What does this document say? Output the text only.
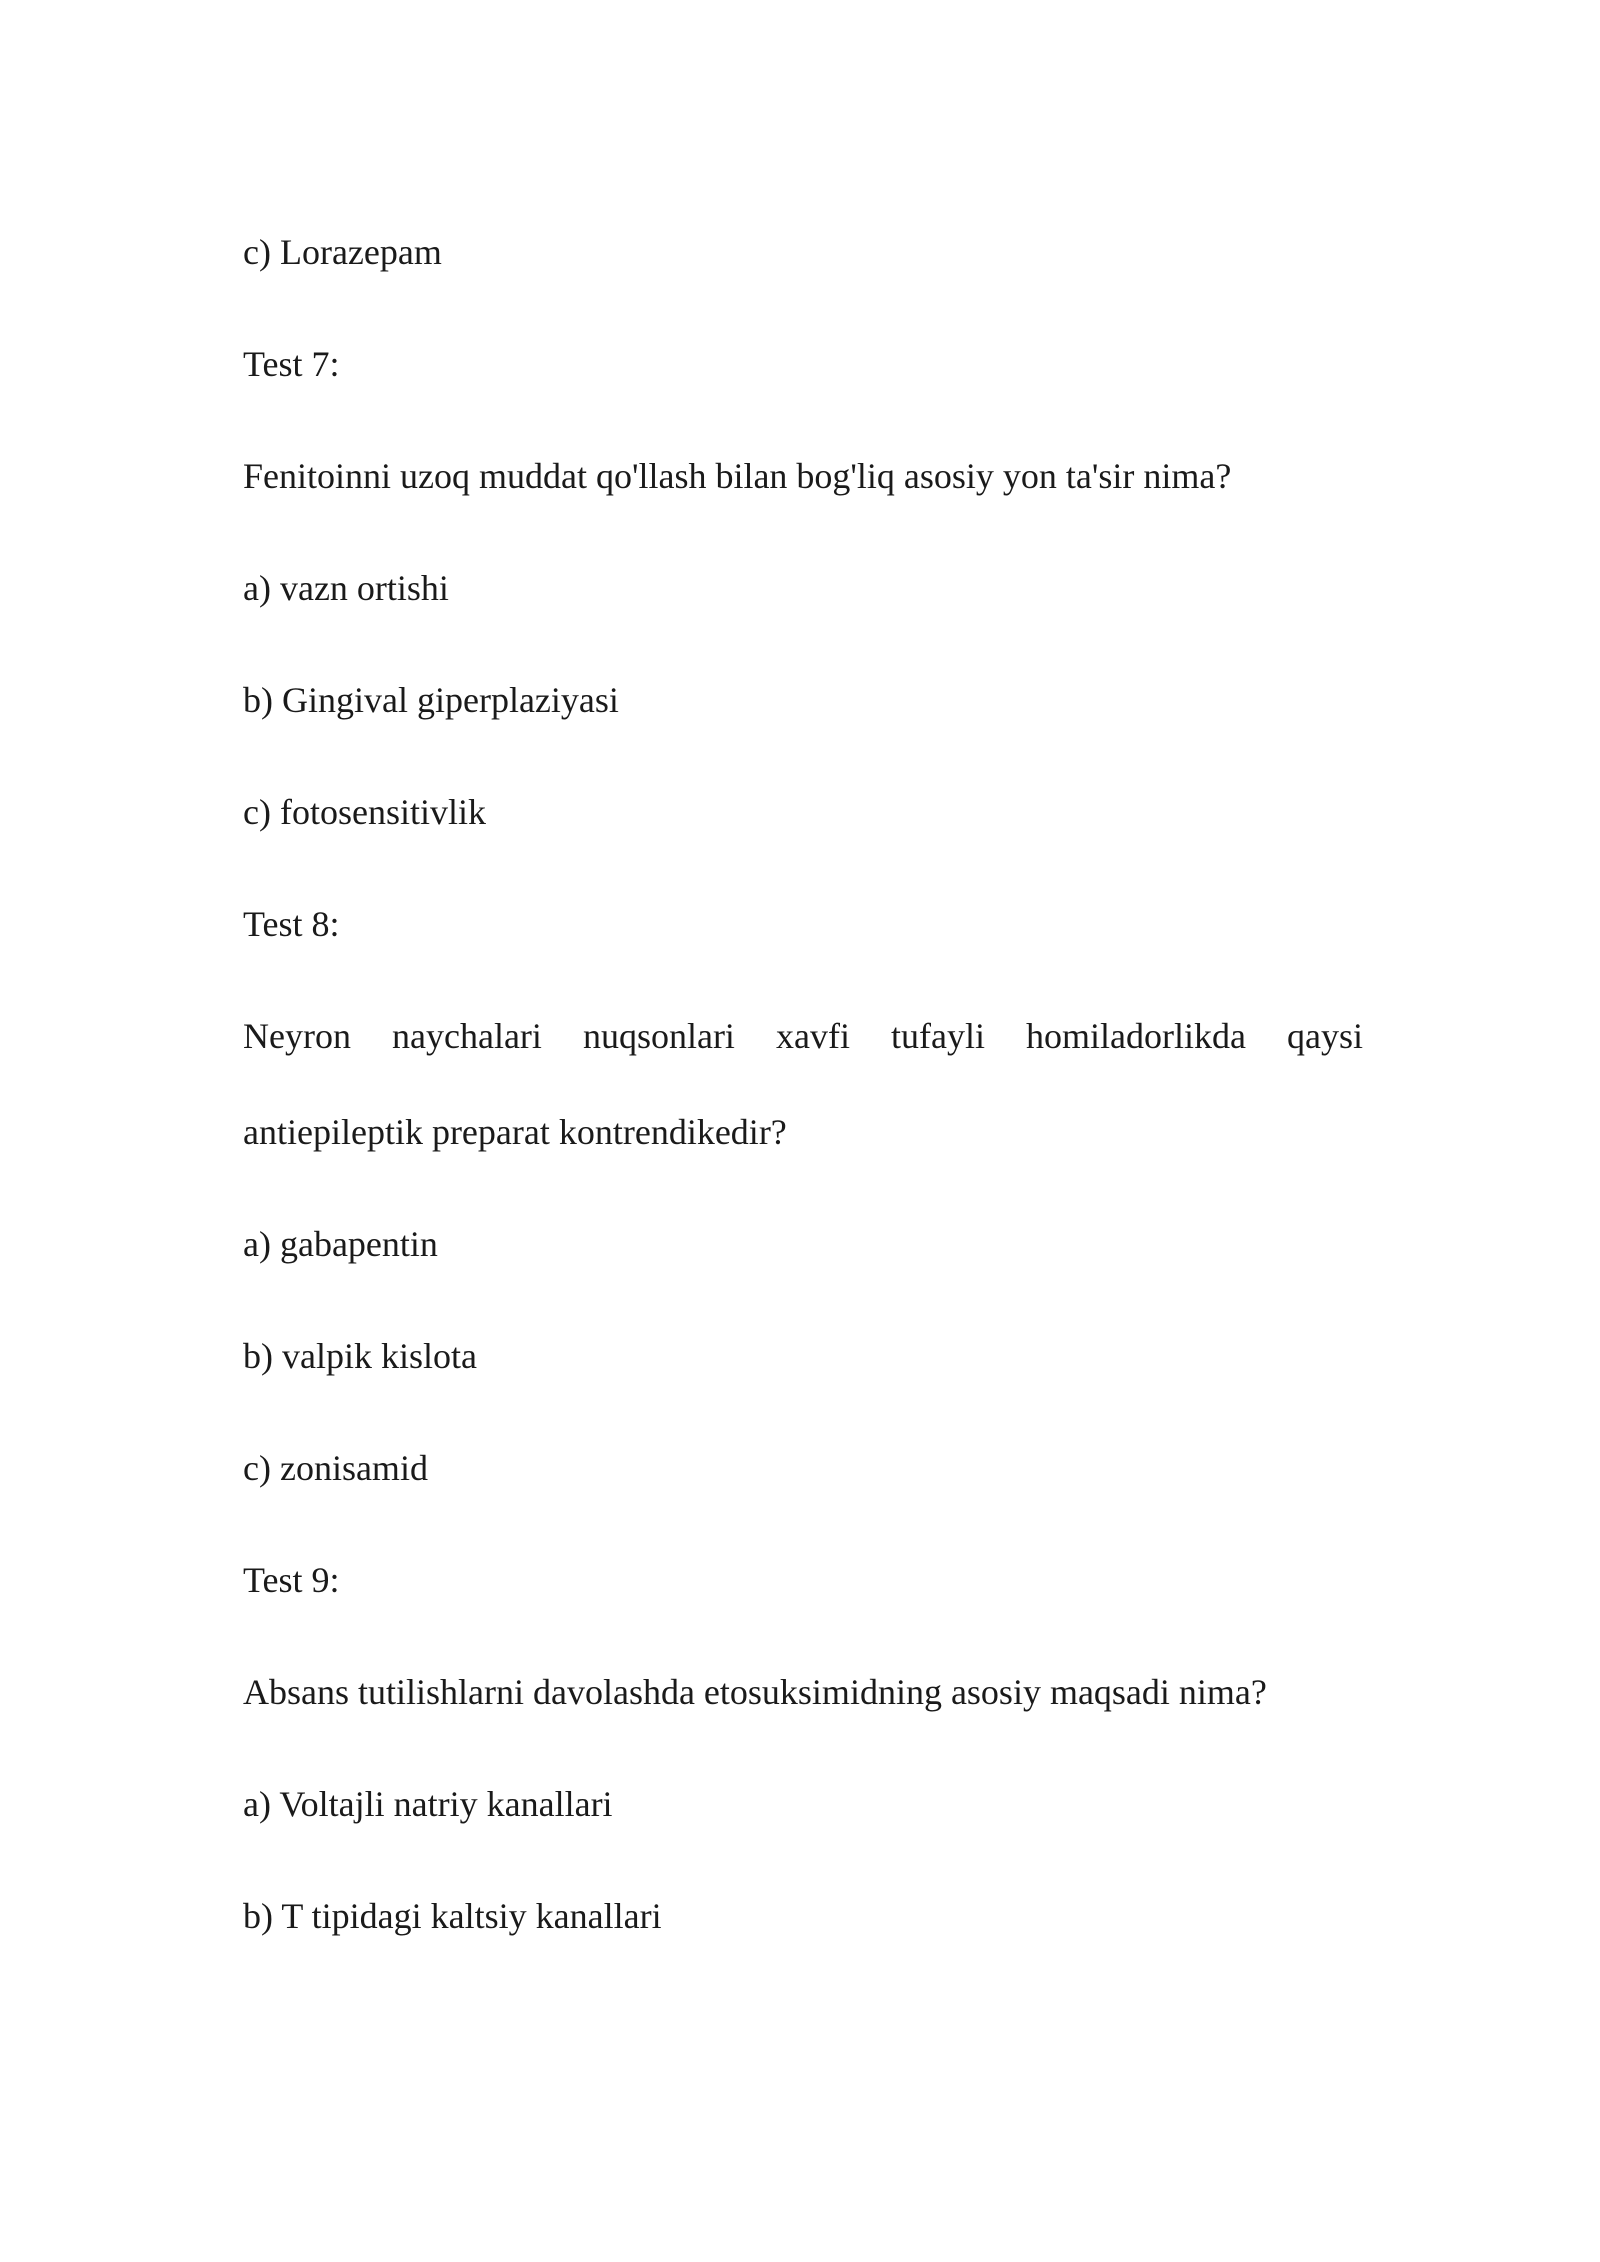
c) Lorazepam
Test 7:
Fenitoinni uzoq muddat qo'llash bilan bog'liq asosiy yon ta'sir nima?
a) vazn ortishi
b) Gingival giperplaziyasi
c) fotosensitivlik
Test 8:
Neyron naychalari nuqsonlari xavfi tufayli homiladorlikda qaysi
antiepileptik preparat kontrendikedir?
a) gabapentin
b) valpik kislota
c) zonisamid
Test 9:
Absans tutilishlarni davolashda etosuksimidning asosiy maqsadi nima?
a) Voltajli natriy kanallari
b) T tipidagi kaltsiy kanallari
